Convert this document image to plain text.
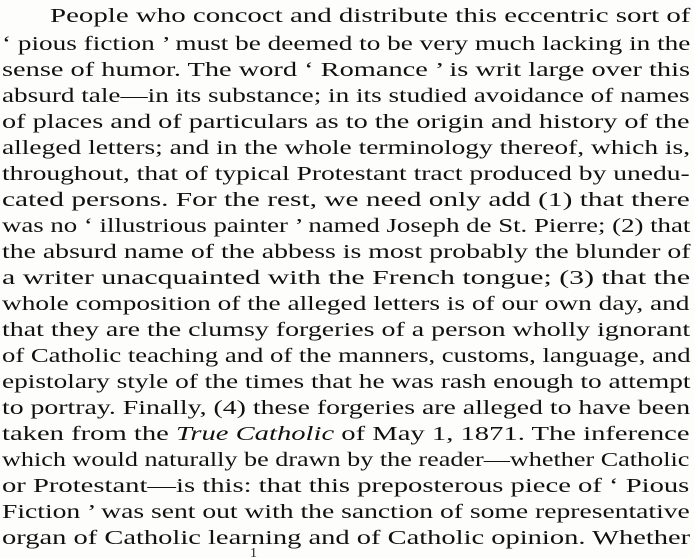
People who concoct and distribute this eccentric sort of
‘ pious fiction ’ must be deemed to be very much lacking in the
sense of humor. The word ‘ Romance ’ is writ large over this
absurd tale—in its substance; in its studied avoidance of names
of places and of particulars as to the origin and history of the
alleged letters; and in the whole terminology thereof, which is,
throughout, that of typical Protestant tract produced by unedu-
cated persons. For the rest, we need only add (1) that there
was no ‘ illustrious painter ’ named Joseph de St. Pierre; (2) that
the absurd name of the abbess is most probably the blunder of
a writer unacquainted with the French tongue; (3) that the
whole composition of the alleged letters is of our own day, and
that they are the clumsy forgeries of a person wholly ignorant
of Catholic teaching and of the manners, customs, language, and
epistolary style of the times that he was rash enough to attempt
to portray. Finally, (4) these forgeries are alleged to have been
taken from the True Catholic of May 1, 1871. The inference
which would naturally be drawn by the reader—whether Catholic
or Protestant—is this: that this preposterous piece of ‘ Pious
Fiction ’ was sent out with the sanction of some representative
organ of Catholic learning and of Catholic opinion. Whether
1
